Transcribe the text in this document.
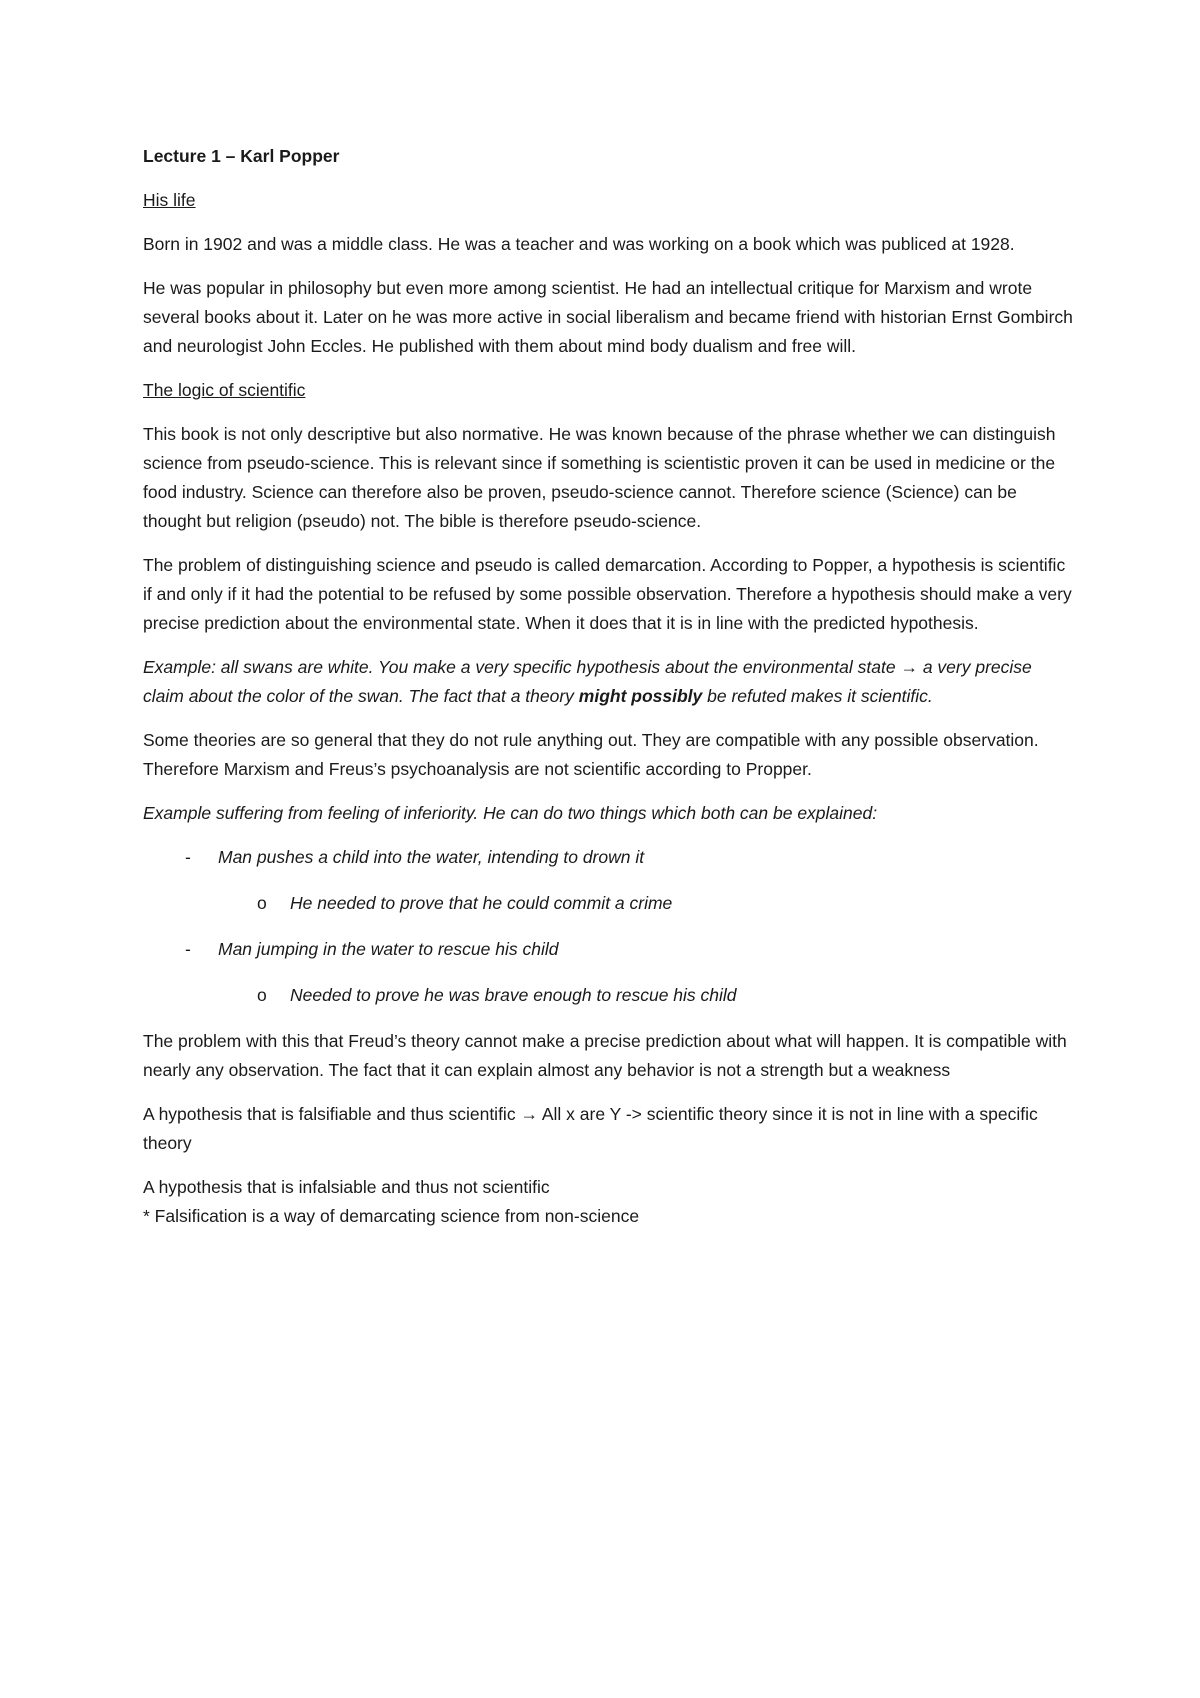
Lecture 1 – Karl Popper

His life

Born in 1902 and was a middle class. He was a teacher and was working on a book which was publiced at 1928.

He was popular in philosophy but even more among scientist. He had an intellectual critique for Marxism and wrote several books about it. Later on he was more active in social liberalism and became friend with historian Ernst Gombirch and neurologist John Eccles. He published with them about mind body dualism and free will.

The logic of scientific

This book is not only descriptive but also normative. He was known because of the phrase whether we can distinguish science from pseudo-science. This is relevant since if something is scientistic proven it can be used in medicine or the food industry. Science can therefore also be proven, pseudo-science cannot. Therefore science (Science) can be thought but religion (pseudo) not. The bible is therefore pseudo-science.

The problem of distinguishing science and pseudo is called demarcation. According to Popper, a hypothesis is scientific if and only if it had the potential to be refused by some possible observation. Therefore a hypothesis should make a very precise prediction about the environmental state. When it does that it is in line with the predicted hypothesis.

Example: all swans are white. You make a very specific hypothesis about the environmental state → a very precise claim about the color of the swan. The fact that a theory might possibly be refuted makes it scientific.

Some theories are so general that they do not rule anything out. They are compatible with any possible observation. Therefore Marxism and Freus’s psychoanalysis are not scientific according to Propper.

Example suffering from feeling of inferiority. He can do two things which both can be explained:

- Man pushes a child into the water, intending to drown it
o He needed to prove that he could commit a crime
- Man jumping in the water to rescue his child
o Needed to prove he was brave enough to rescue his child

The problem with this that Freud’s theory cannot make a precise prediction about what will happen. It is compatible with nearly any observation. The fact that it can explain almost any behavior is not a strength but a weakness

A hypothesis that is falsifiable and thus scientific → All x are Y -> scientific theory since it is not in line with a specific theory

A hypothesis that is infalsiable and thus not scientific

* Falsification is a way of demarcating science from non-science
